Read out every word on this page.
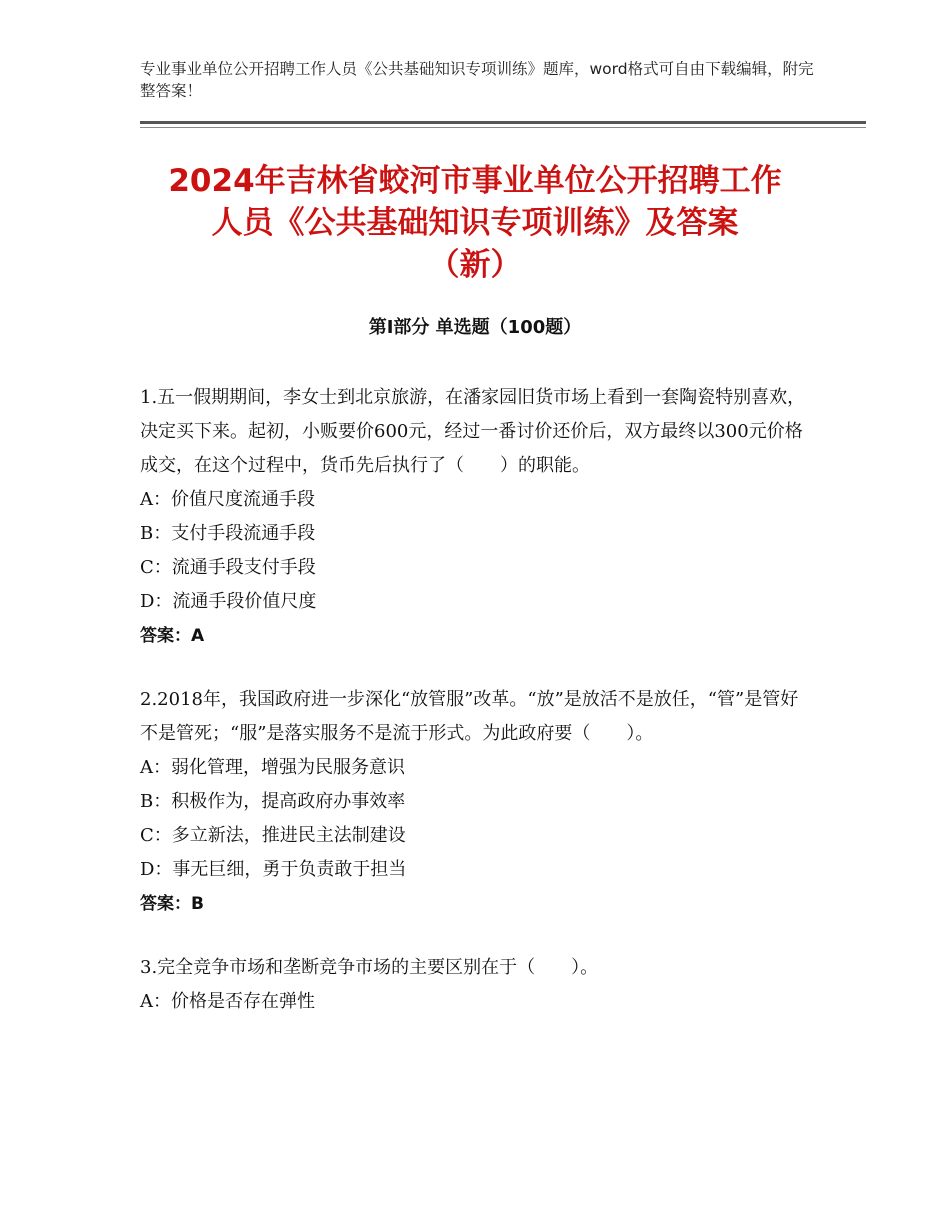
专业事业单位公开招聘工作人员《公共基础知识专项训练》题库，word格式可自由下载编辑，附完整答案！
2024年吉林省蛟河市事业单位公开招聘工作
人员《公共基础知识专项训练》及答案
（新）
第Ⅰ部分 单选题（100题）

1.五一假期期间，李女士到北京旅游，在潘家园旧货市场上看到一套陶瓷特别喜欢，决定买下来。起初，小贩要价600元，经过一番讨价还价后，双方最终以300元价格成交，在这个过程中，货币先后执行了（　　）的职能。

A：价值尺度流通手段

B：支付手段流通手段

C：流通手段支付手段

D：流通手段价值尺度

答案：A

2.2018年，我国政府进一步深化“放管服”改革。“放”是放活不是放任，“管”是管好不是管死；“服”是落实服务不是流于形式。为此政府要（　　）。

A：弱化管理，增强为民服务意识

B：积极作为，提高政府办事效率

C：多立新法，推进民主法制建设

D：事无巨细，勇于负责敢于担当

答案：B

3.完全竞争市场和垄断竞争市场的主要区别在于（　　）。

A：价格是否存在弹性
